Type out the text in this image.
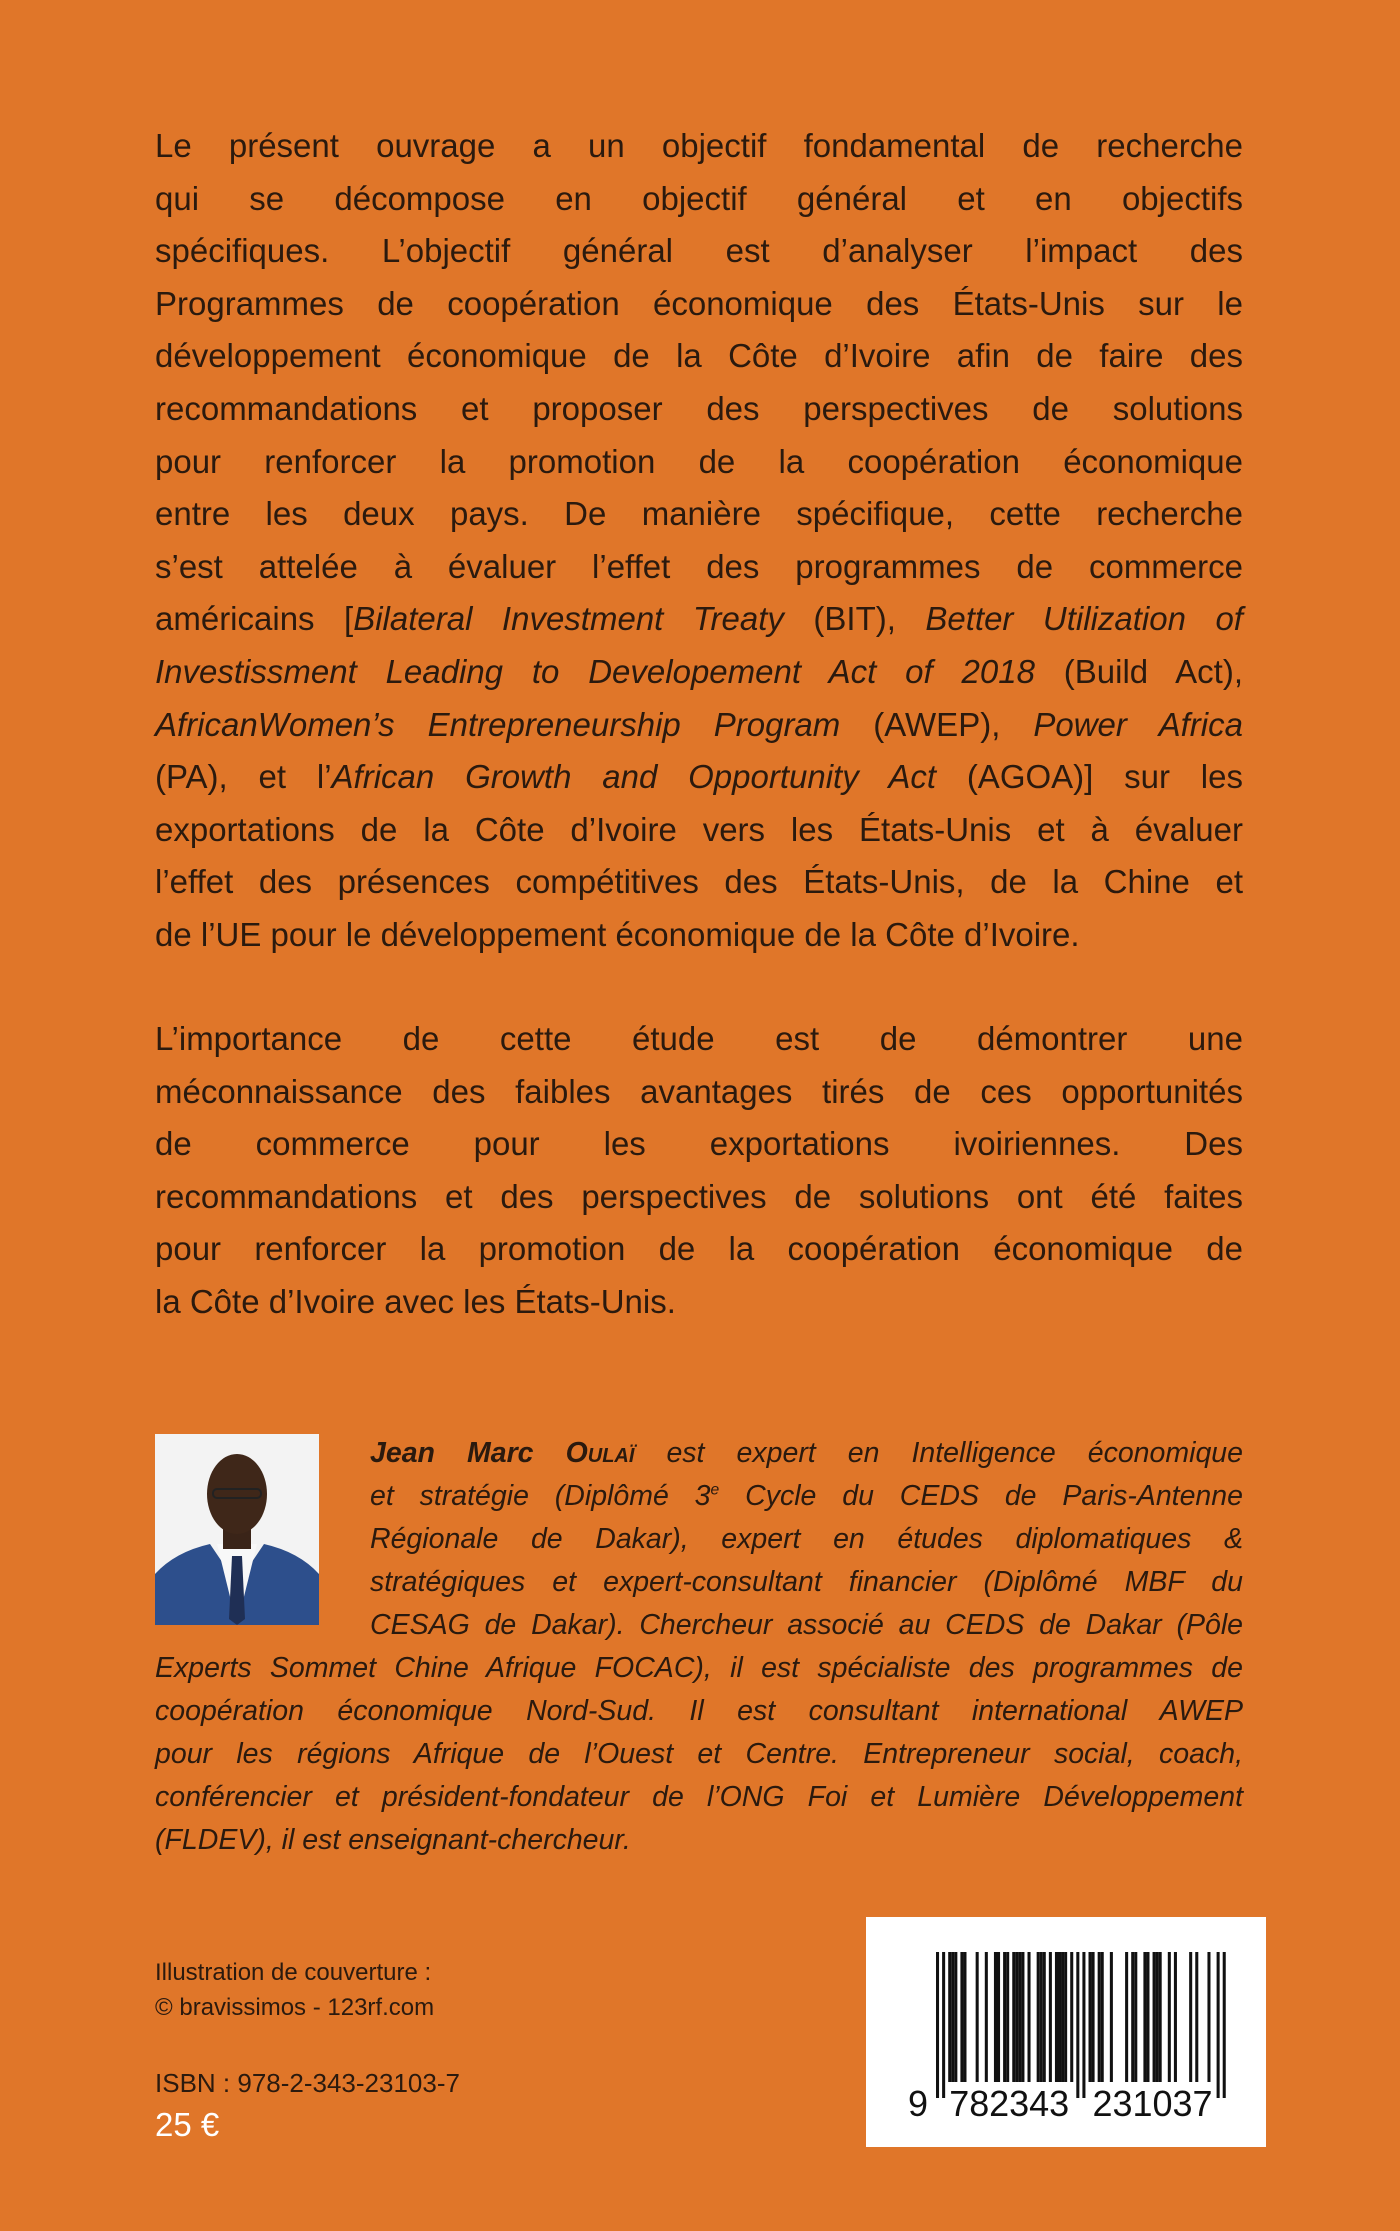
Le présent ouvrage a un objectif fondamental de recherche
qui se décompose en objectif général et en objectifs
spécifiques. L’objectif général est d’analyser l’impact des
Programmes de coopération économique des États-Unis sur le
développement économique de la Côte d’Ivoire afin de faire des
recommandations et proposer des perspectives de solutions
pour renforcer la promotion de la coopération économique
entre les deux pays. De manière spécifique, cette recherche
s’est attelée à évaluer l’effet des programmes de commerce
américains [Bilateral Investment Treaty (BIT), Better Utilization of
Investissment Leading to Developement Act of 2018 (Build Act),
AfricanWomen’s Entrepreneurship Program (AWEP), Power Africa
(PA), et l’African Growth and Opportunity Act (AGOA)] sur les
exportations de la Côte d’Ivoire vers les États-Unis et à évaluer
l’effet des présences compétitives des États-Unis, de la Chine et
de l’UE pour le développement économique de la Côte d’Ivoire.
L’importance de cette étude est de démontrer une
méconnaissance des faibles avantages tirés de ces opportunités
de commerce pour les exportations ivoiriennes. Des
recommandations et des perspectives de solutions ont été faites
pour renforcer la promotion de la coopération économique de
la Côte d’Ivoire avec les États-Unis.
Jean Marc Oulaï est expert en Intelligence économique
et stratégie (Diplômé 3e Cycle du CEDS de Paris-Antenne
Régionale de Dakar), expert en études diplomatiques &
stratégiques et expert-consultant financier (Diplômé MBF du
CESAG de Dakar). Chercheur associé au CEDS de Dakar (Pôle
Experts Sommet Chine Afrique FOCAC), il est spécialiste des programmes de
coopération économique Nord-Sud. Il est consultant international AWEP
pour les régions Afrique de l’Ouest et Centre. Entrepreneur social, coach,
conférencier et président-fondateur de l’ONG Foi et Lumière Développement
(FLDEV), il est enseignant-chercheur.
Illustration de couverture :
© bravissimos - 123rf.com
ISBN : 978-2-343-23103-7
25 €
9 782343 231037
